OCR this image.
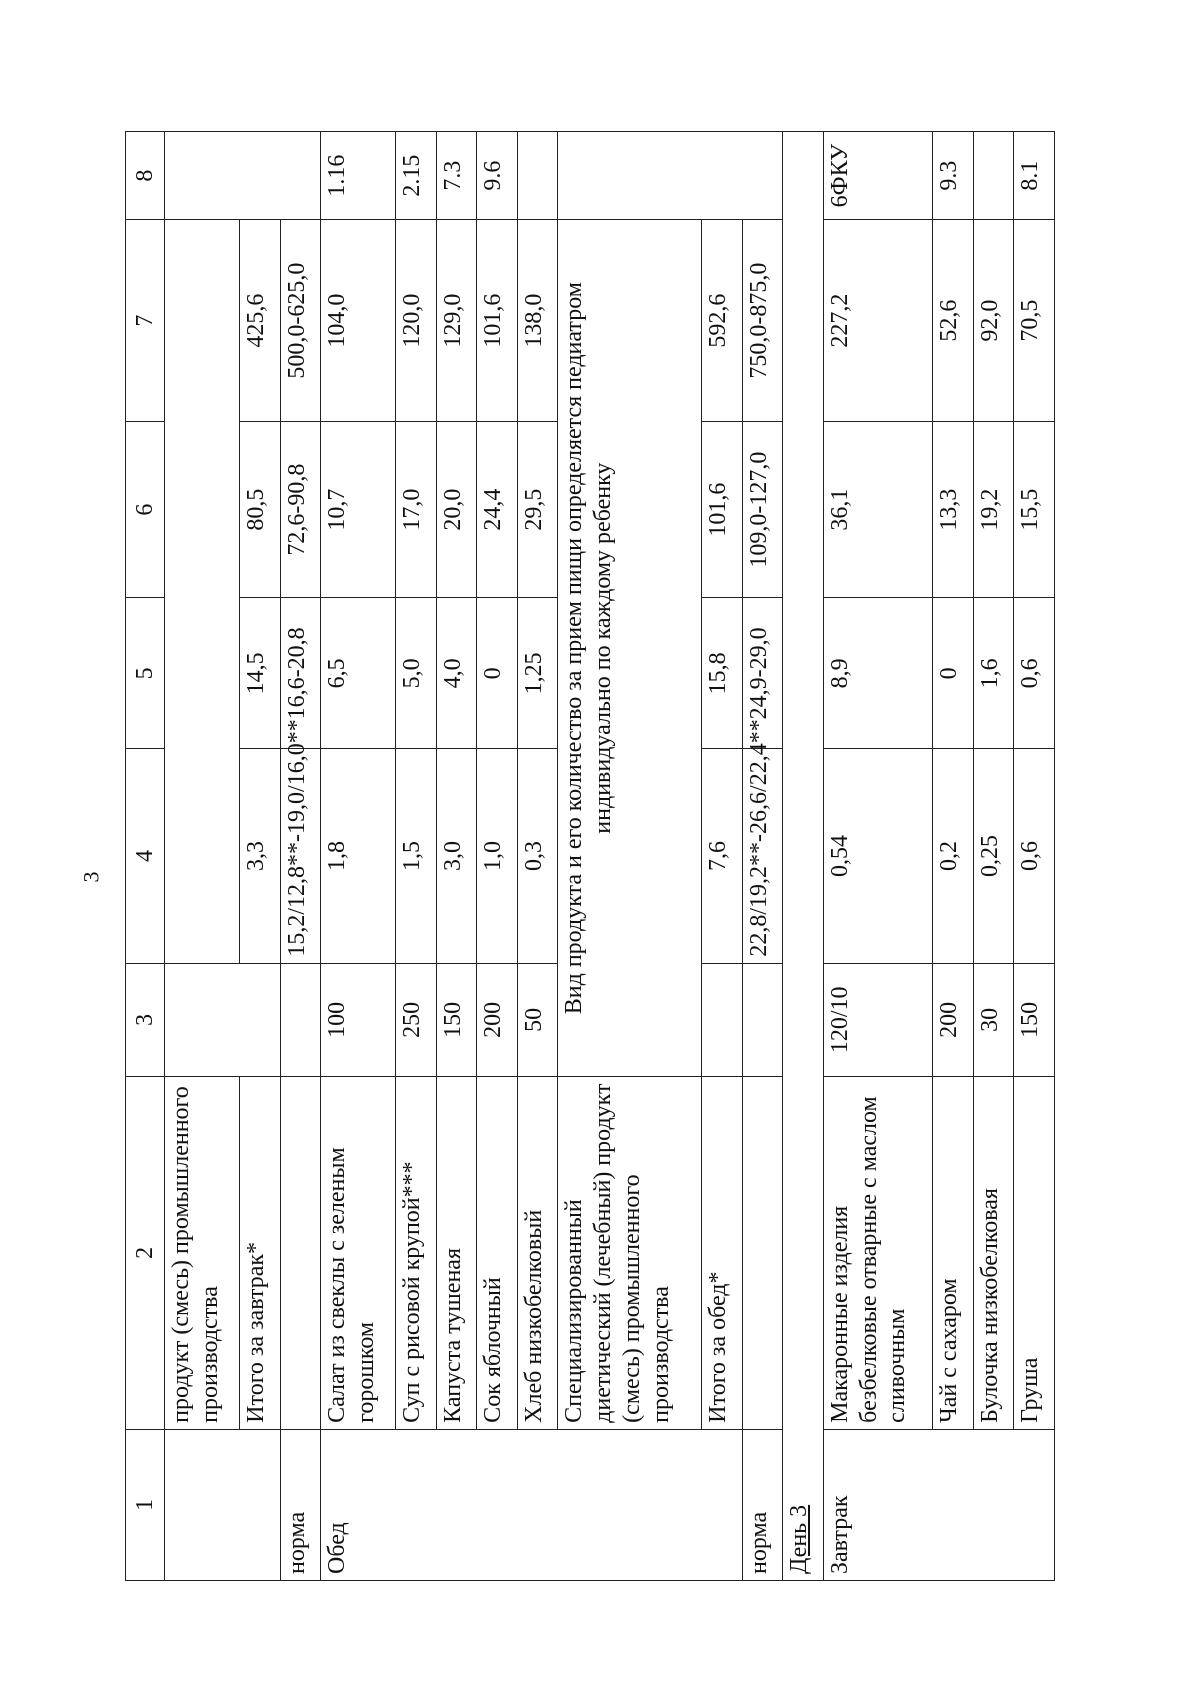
3
1	2	3	4	5	6	7	8
	продукт (смесь) промышленного производства						
	Итого за завтрак*		3,3	14,5	80,5	425,6	
норма			15,2/12,8**-19,0/16,0**	16,6-20,8	72,6-90,8	500,0-625,0	
Обед	Салат из свеклы с зеленым горошком	100	1,8	6,5	10,7	104,0	1.16
	Суп с рисовой крупой***	250	1,5	5,0	17,0	120,0	2.15
	Капуста тушеная	150	3,0	4,0	20,0	129,0	7.3
	Сок яблочный	200	1,0	0	24,4	101,6	9.6
	Хлеб низкобелковый	50	0,3	1,25	29,5	138,0	
	Специализированный диетический (лечебный) продукт (смесь) промышленного производства	Вид продукта и его количество за прием пищи определяется педиатром индивидуально по каждому ребенку					
	Итого за обед*		7,6	15,8	101,6	592,6	
норма			22,8/19,2**-26,6/22,4**	24,9-29,0	109,0-127,0	750,0-875,0	
День 3							
Завтрак	Макаронные изделия безбелковые отварные с маслом сливочным	120/10	0,54	8,9	36,1	227,2	6ФКУ
	Чай с сахаром	200	0,2	0	13,3	52,6	9.3
	Булочка низкобелковая	30	0,25	1,6	19,2	92,0	
	Груша	150	0,6	0,6	15,5	70,5	8.1
